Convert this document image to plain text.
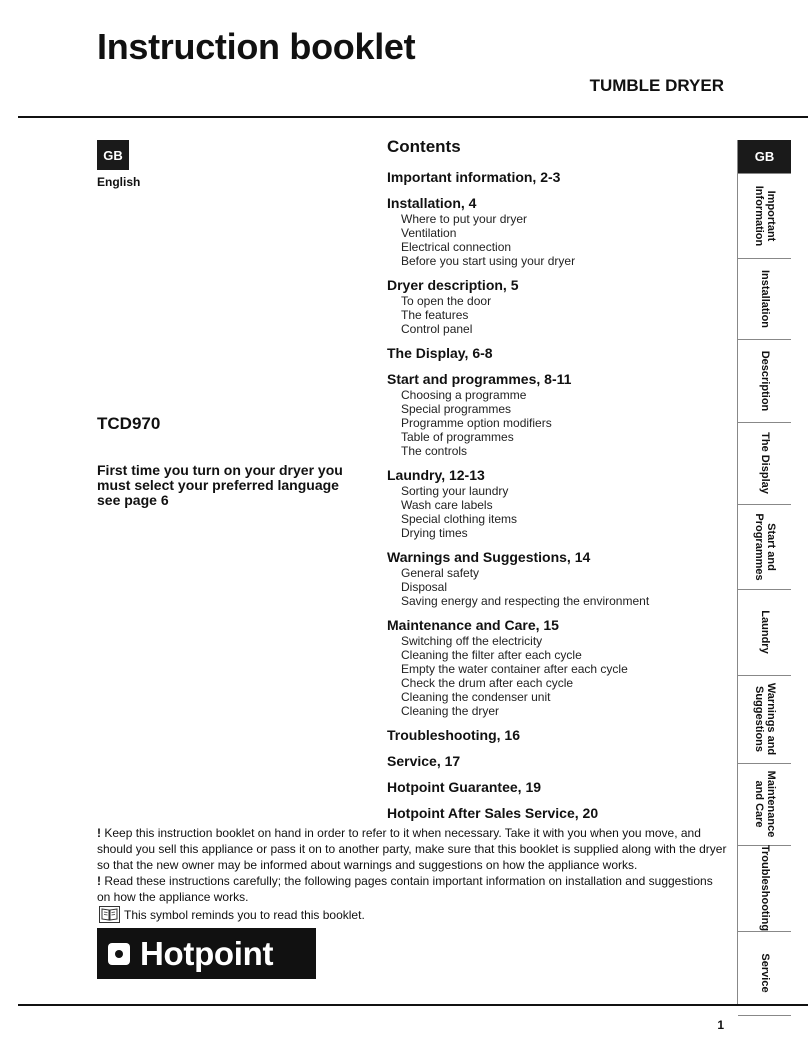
Instruction booklet
TUMBLE DRYER
GB
English
TCD970
First time you turn on your dryer you must select your preferred language see page 6
Contents
Important information, 2-3
Installation, 4
Where to put your dryer
Ventilation
Electrical connection
Before you start using your dryer
Dryer description, 5
To open the door
The features
Control panel
The Display, 6-8
Start and programmes, 8-11
Choosing a programme
Special programmes
Programme option modifiers
Table of programmes
The controls
Laundry, 12-13
Sorting your laundry
Wash care labels
Special clothing items
Drying times
Warnings and Suggestions, 14
General safety
Disposal
Saving energy and respecting the environment
Maintenance and Care, 15
Switching off the electricity
Cleaning the filter after each cycle
Empty the water container after each cycle
Check the drum after each cycle
Cleaning the condenser unit
Cleaning the dryer
Troubleshooting, 16
Service, 17
Hotpoint Guarantee, 19
Hotpoint After Sales Service, 20

! Keep this instruction booklet on hand in order to refer to it when necessary. Take it with you when you move, and should you sell this appliance or pass it on to another party, make sure that this booklet is supplied along with the dryer so that the new owner may be informed about warnings and suggestions on how the appliance works.

! Read these instructions carefully; the following pages contain important information on installation and suggestions on how the appliance works.

This symbol reminds you to read this booklet.
Hotpoint
1
GB
Important
Information
Installation
Description
The Display
Start and
Programmes
Laundry
Warnings and
Suggestions
Maintenance
and Care
Troubleshooting
Service
